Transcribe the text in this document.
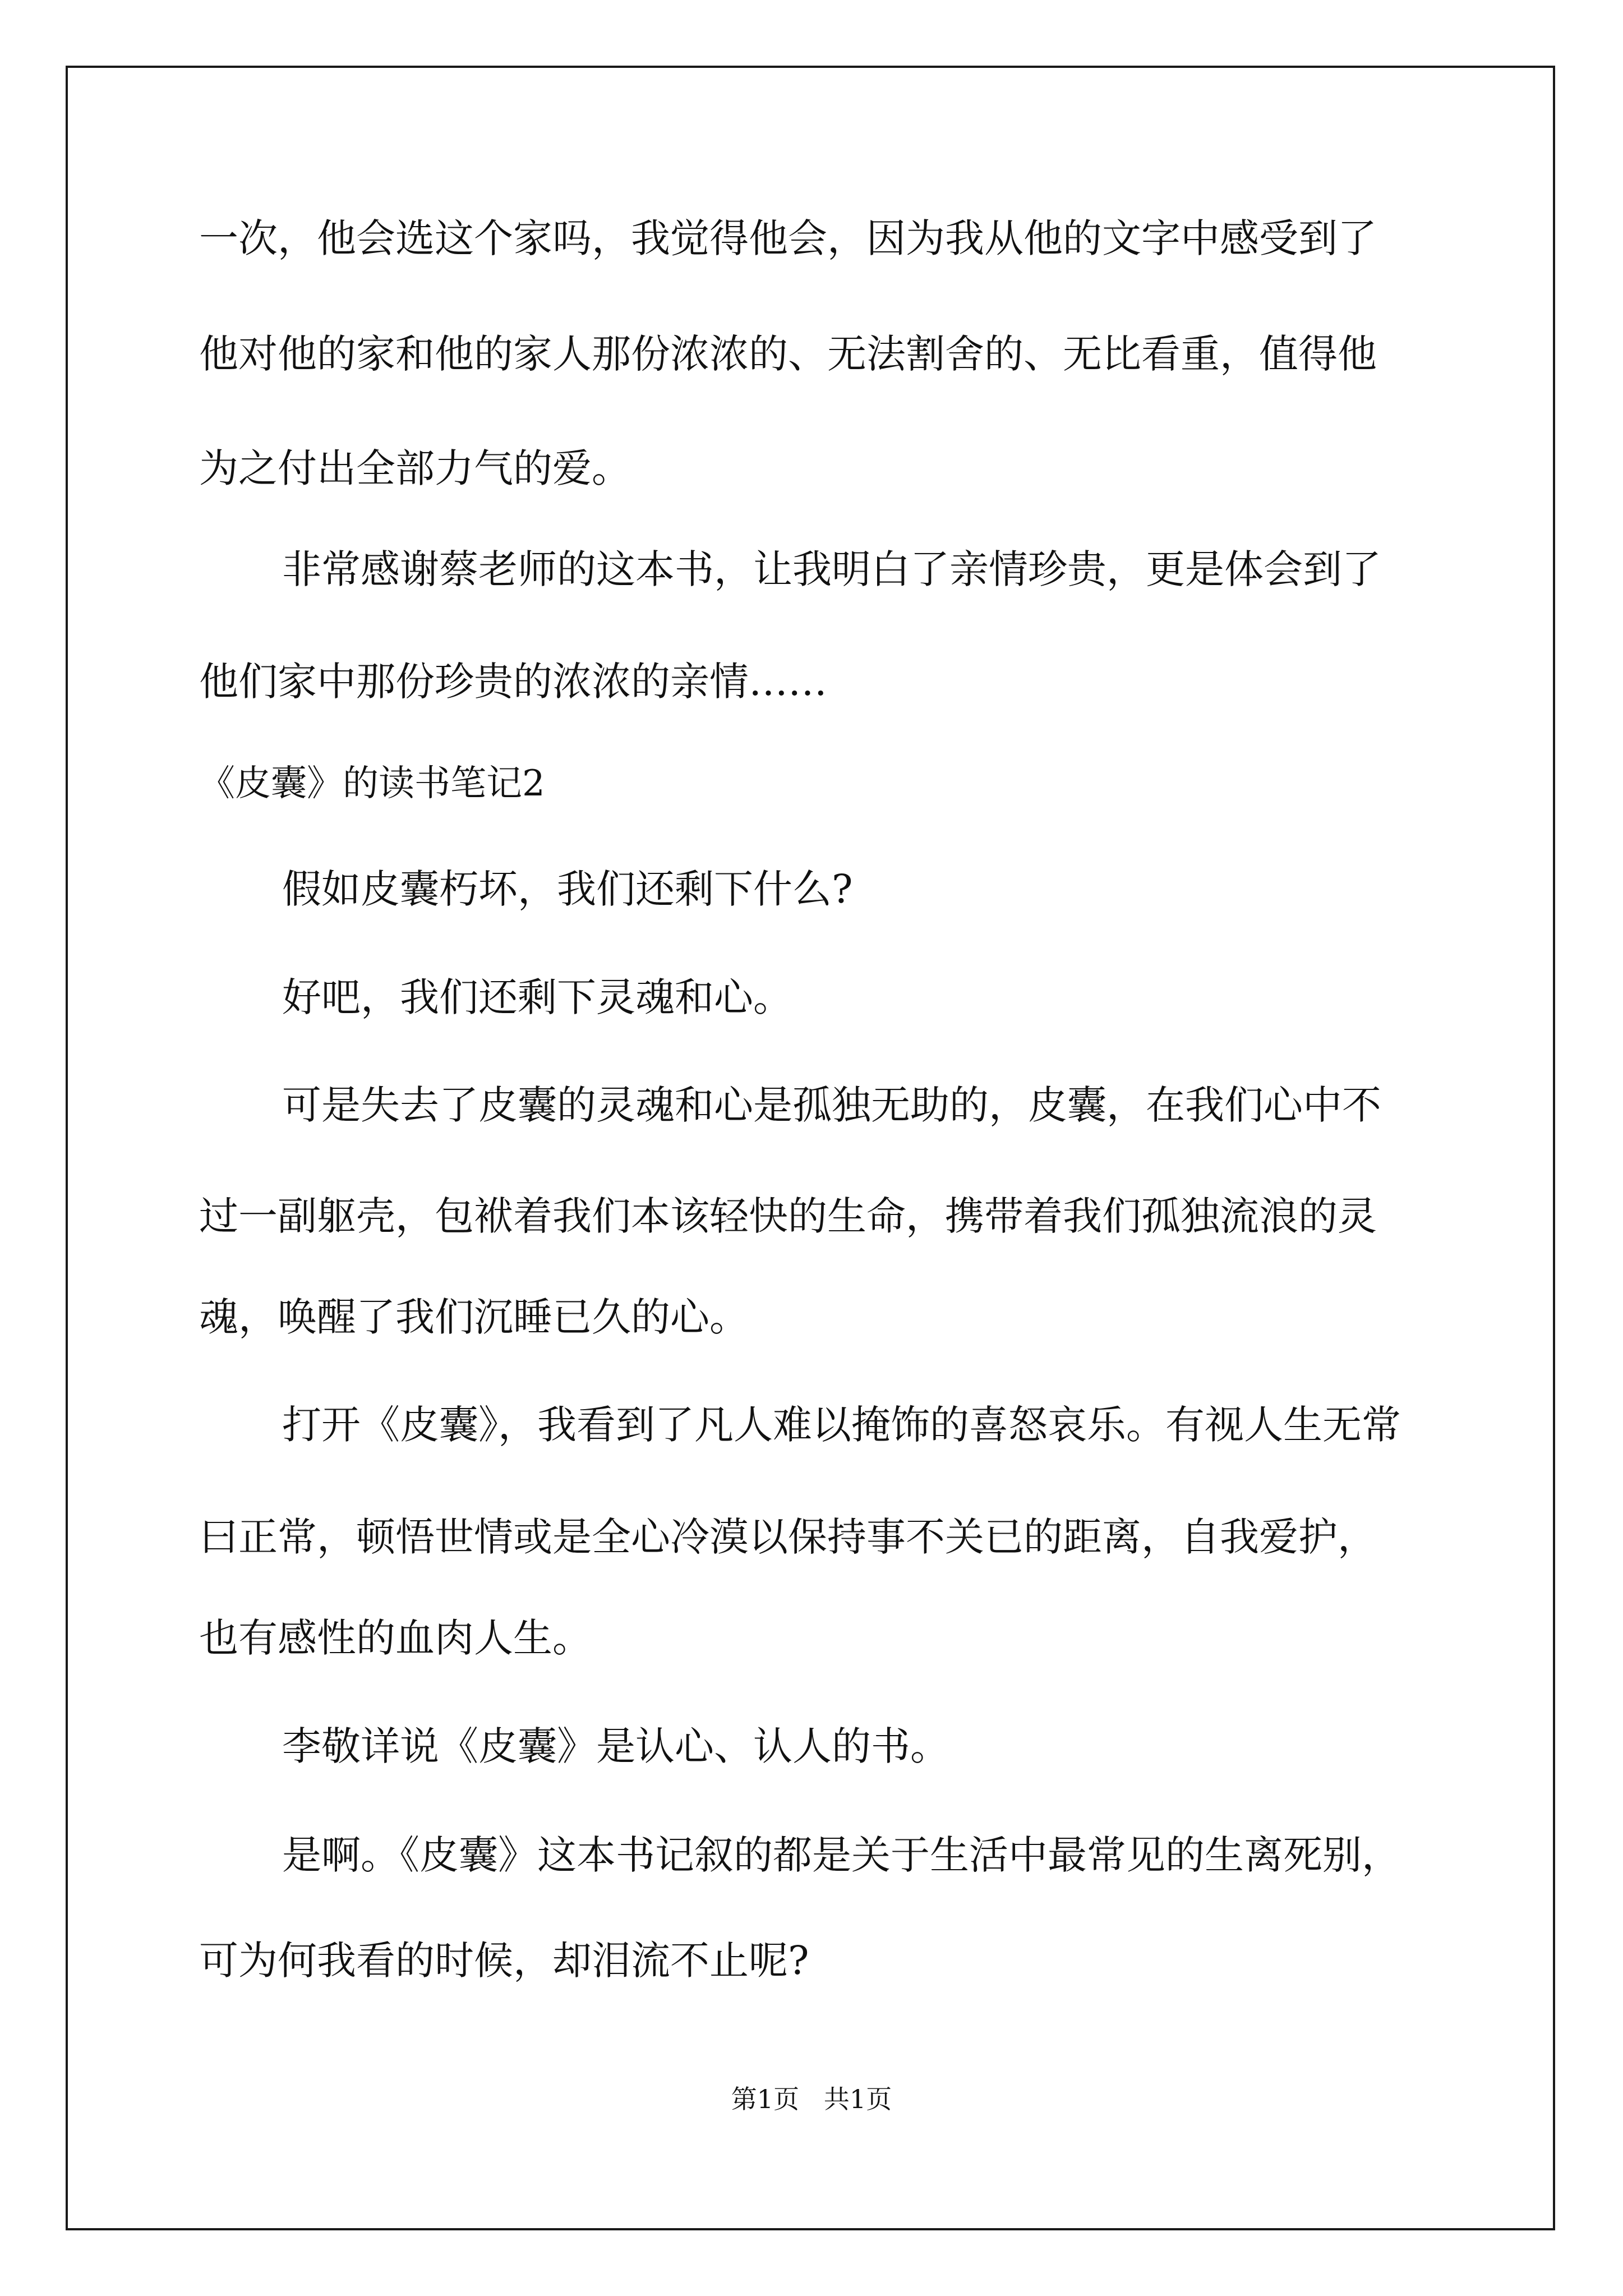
一次，他会选这个家吗，我觉得他会，因为我从他的文字中感受到了
他对他的家和他的家人那份浓浓的、无法割舍的、无比看重，值得他
为之付出全部力气的爱。
非常感谢蔡老师的这本书，让我明白了亲情珍贵，更是体会到了
他们家中那份珍贵的浓浓的亲情……
《皮囊》的读书笔记2
假如皮囊朽坏，我们还剩下什么?
好吧，我们还剩下灵魂和心。
可是失去了皮囊的灵魂和心是孤独无助的，皮囊，在我们心中不
过一副躯壳，包袱着我们本该轻快的生命，携带着我们孤独流浪的灵
魂，唤醒了我们沉睡已久的心。
打开《皮囊》，我看到了凡人难以掩饰的喜怒哀乐。有视人生无常
曰正常，顿悟世情或是全心冷漠以保持事不关已的距离，自我爱护，
也有感性的血肉人生。
李敬详说《皮囊》是认心、认人的书。
是啊。《皮囊》这本书记叙的都是关于生活中最常见的生离死别，
可为何我看的时候，却泪流不止呢?
第1页   共1页
